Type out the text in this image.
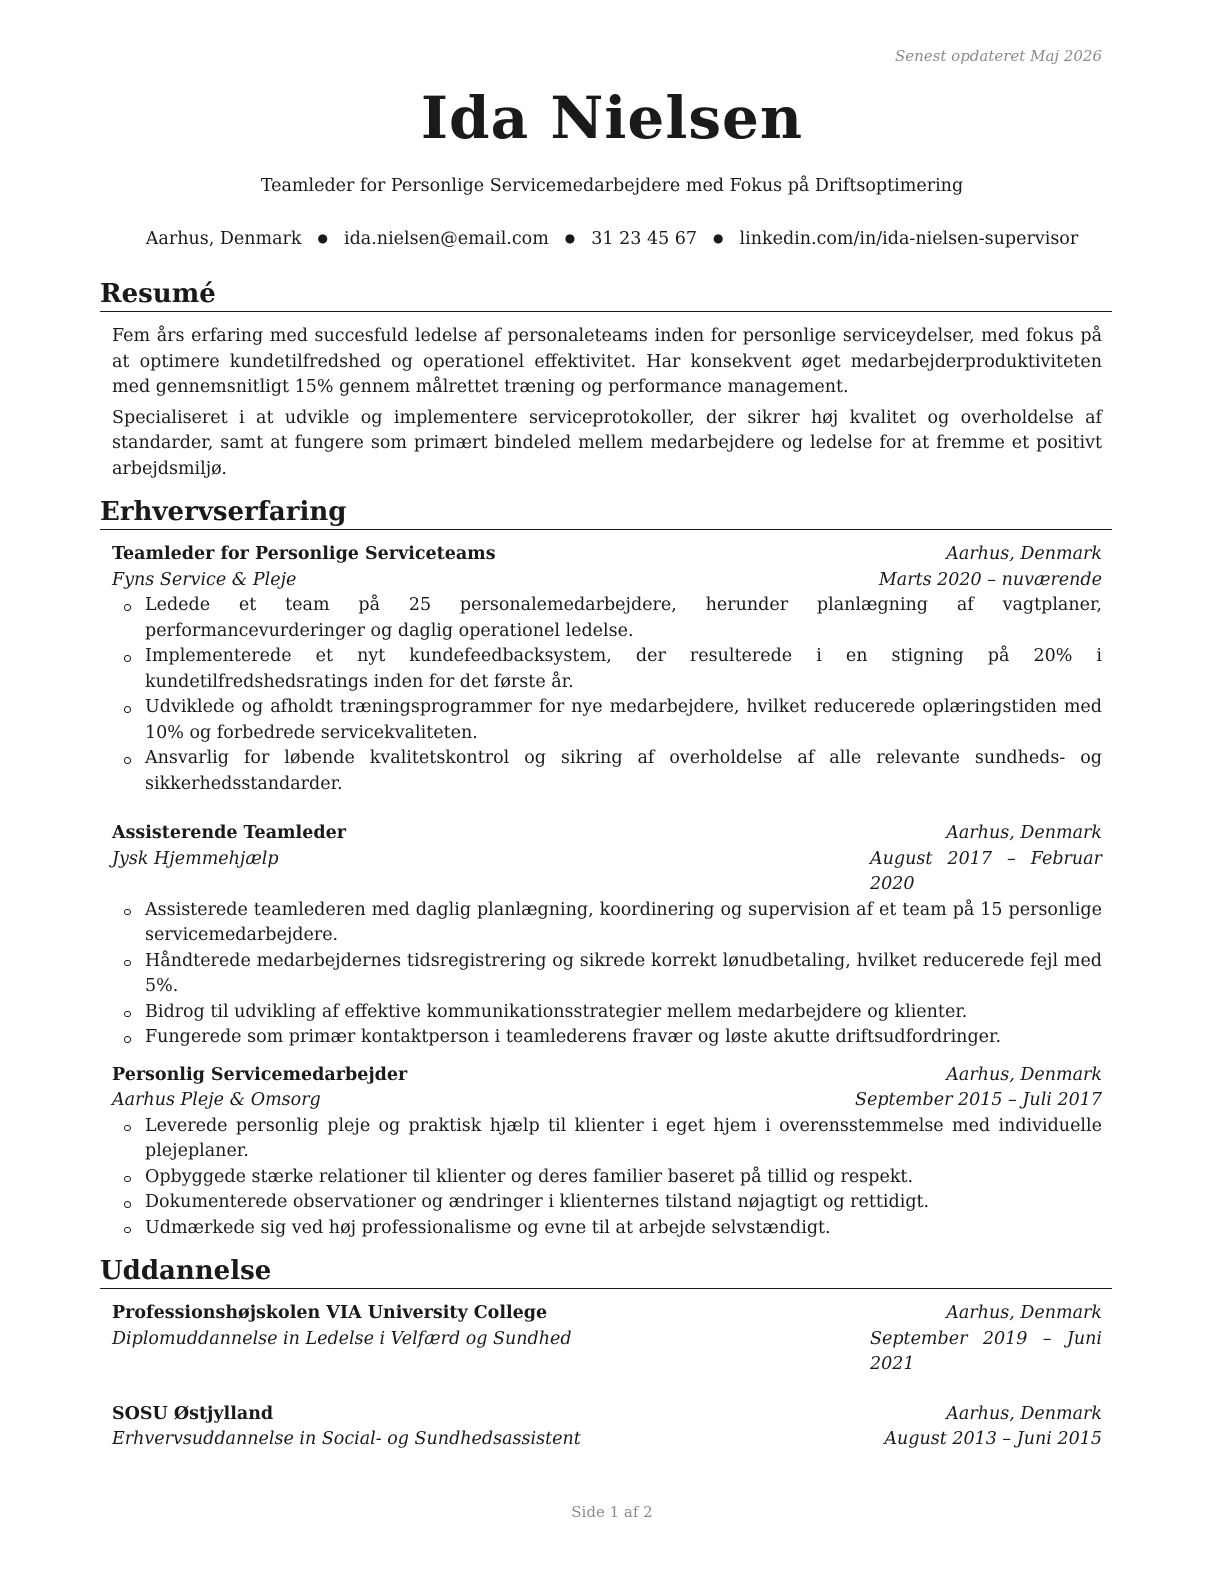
Senest opdateret Maj 2026
Ida Nielsen
Teamleder for Personlige Servicemedarbejdere med Fokus på Driftsoptimering
Aarhus, Denmark ● ida.nielsen@email.com ● 31 23 45 67 ● linkedin.com/in/ida-nielsen-supervisor
Resumé

Fem års erfaring med succesfuld ledelse af personaleteams inden for personlige serviceydelser, med fokus på at optimere kundetilfredshed og operationel effektivitet. Har konsekvent øget medarbejderproduktiviteten med gennemsnitligt 15% gennem målrettet træning og performance management.

Specialiseret i at udvikle og implementere serviceprotokoller, der sikrer høj kvalitet og overholdelse af standarder, samt at fungere som primært bindeled mellem medarbejdere og ledelse for at fremme et positivt arbejdsmiljø.

Erhvervserfaring
Teamleder for Personlige Serviceteams	Aarhus, Denmark
Fyns Service & Pleje	Marts 2020 – nuværende
Ledede et team på 25 personalemedarbejdere, herunder planlægning af vagtplaner, performancevurderinger og daglig operationel ledelse.
Implementerede et nyt kundefeedbacksystem, der resulterede i en stigning på 20% i kundetilfredshedsratings inden for det første år.
Udviklede og afholdt træningsprogrammer for nye medarbejdere, hvilket reducerede oplæringstiden med 10% og forbedrede servicekvaliteten.
Ansvarlig for løbende kvalitetskontrol og sikring af overholdelse af alle relevante sundheds- og sikkerhedsstandarder.
Assisterende Teamleder	Aarhus, Denmark
Jysk Hjemmehjælp	August 2017 – Februar 2020
Assisterede teamlederen med daglig planlægning, koordinering og supervision af et team på 15 personlige servicemedarbejdere.
Håndterede medarbejdernes tidsregistrering og sikrede korrekt lønudbetaling, hvilket reducerede fejl med 5%.
Bidrog til udvikling af effektive kommunikationsstrategier mellem medarbejdere og klienter.
Fungerede som primær kontaktperson i teamlederens fravær og løste akutte driftsudfordringer.
Personlig Servicemedarbejder	Aarhus, Denmark
Aarhus Pleje & Omsorg	September 2015 – Juli 2017
Leverede personlig pleje og praktisk hjælp til klienter i eget hjem i overensstemmelse med individuelle plejeplaner.
Opbyggede stærke relationer til klienter og deres familier baseret på tillid og respekt.
Dokumenterede observationer og ændringer i klienternes tilstand nøjagtigt og rettidigt.
Udmærkede sig ved høj professionalisme og evne til at arbejde selvstændigt.
Uddannelse
Professionshøjskolen VIA University College	Aarhus, Denmark
Diplomuddannelse in Ledelse i Velfærd og Sundhed	September 2019 – Juni 2021
SOSU Østjylland	Aarhus, Denmark
Erhvervsuddannelse in Social- og Sundhedsassistent	August 2013 – Juni 2015
Side 1 af 2
